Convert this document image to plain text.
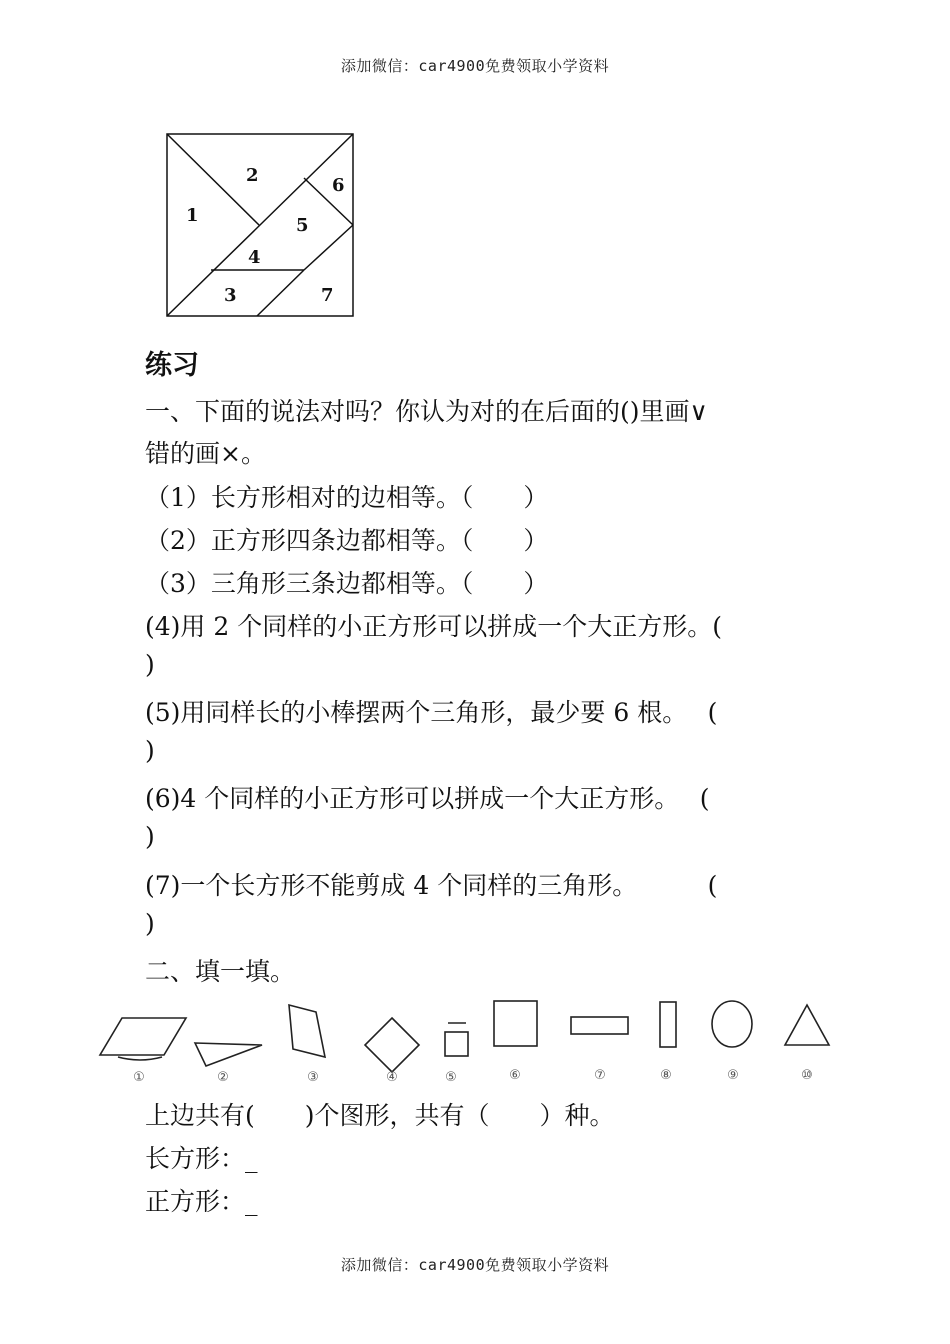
添加微信：car4900免费领取小学资料
1
2
3
4
5
6
7
练习
一、下面的说法对吗？你认为对的在后面的()里画∨
错的画×。
（1）长方形相对的边相等。（　　）
（2）正方形四条边都相等。（　　）
（3）三角形三条边都相等。（　　）
(4)用 2 个同样的小正方形可以拼成一个大正方形。(
)
(5)用同样长的小棒摆两个三角形，最少要 6 根。　 (
)
(6)4 个同样的小正方形可以拼成一个大正方形。　 (
)
(7)一个长方形不能剪成 4 个同样的三角形。　　　 (
)
二、填一填。
①	②	③	④	⑤	⑥	⑦	⑧	⑨	⑩
上边共有(　　)个图形，共有（　　）种。
长方形：_
正方形：_
添加微信：car4900免费领取小学资料
